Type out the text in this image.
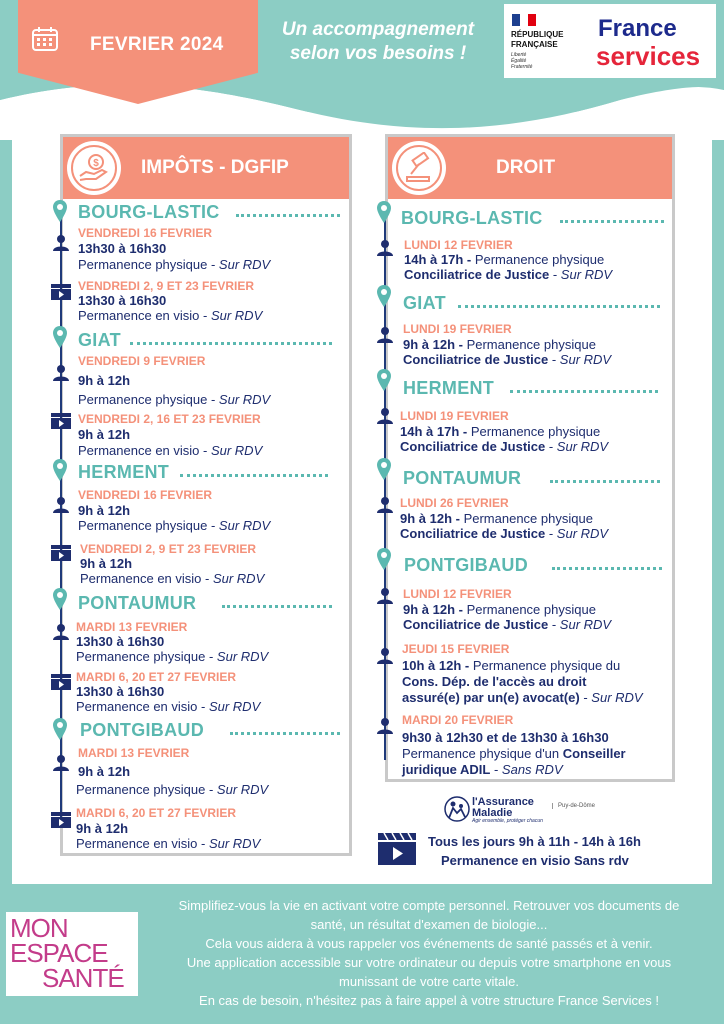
FEVRIER 2024
Un accompagnement
selon vos besoins !
RÉPUBLIQUE
FRANÇAISE
Liberté
Égalité
Fraternité
France
services
$ IMPÔTS - DGFIP	DROIT
BOURG-LASTIC
VENDREDI 16 FEVRIER
13h30 à 16h30
Permanence physique - Sur RDV
VENDREDI 2, 9 ET 23 FEVRIER
13h30 à 16h30
Permanence en visio - Sur RDV
GIAT
VENDREDI 9 FEVRIER
9h à 12h
Permanence physique - Sur RDV
VENDREDI 2, 16 ET 23 FEVRIER
9h à 12h
Permanence en visio - Sur RDV
HERMENT
VENDREDI 16 FEVRIER
9h à 12h
Permanence physique - Sur RDV
VENDREDI 2, 9 ET 23 FEVRIER
9h à 12h
Permanence en visio - Sur RDV
PONTAUMUR
MARDI 13 FEVRIER
13h30 à 16h30
Permanence physique - Sur RDV
MARDI 6, 20 ET 27 FEVRIER
13h30 à 16h30
Permanence en visio - Sur RDV
PONTGIBAUD
MARDI 13 FEVRIER
9h à 12h
Permanence physique - Sur RDV
MARDI 6, 20 ET 27 FEVRIER
9h à 12h
Permanence en visio - Sur RDV
BOURG-LASTIC
LUNDI 12 FEVRIER
14h à 17h - Permanence physique
Conciliatrice de Justice - Sur RDV
GIAT
LUNDI 19 FEVRIER
9h à 12h - Permanence physique
Conciliatrice de Justice - Sur RDV
HERMENT
LUNDI 19 FEVRIER
14h à 17h - Permanence physique
Conciliatrice de Justice - Sur RDV
PONTAUMUR
LUNDI 26 FEVRIER
9h à 12h - Permanence physique
Conciliatrice de Justice - Sur RDV
PONTGIBAUD
LUNDI 12 FEVRIER
9h à 12h - Permanence physique
Conciliatrice de Justice - Sur RDV
JEUDI 15 FEVRIER
10h à 12h - Permanence physique du
Cons. Dép. de l'accès au droit
assuré(e) par un(e) avocat(e) - Sur RDV
MARDI 20 FEVRIER
9h30 à 12h30 et de 13h30 à 16h30
Permanence physique d'un Conseiller
juridique ADIL - Sans RDV
l'Assurance
Maladie
Agir ensemble, protéger chacun
Puy-de-Dôme
Tous les jours 9h à 11h - 14h à 16h
Permanence en visio Sans rdv
MON
ESPACE
SANTÉ
Simplifiez-vous la vie en activant votre compte personnel. Retrouver vos documents de
santé, un résultat d'examen de biologie...
Cela vous aidera à vous rappeler vos événements de santé passés et à venir.
Une application accessible sur votre ordinateur ou depuis votre smartphone en vous
munissant de votre carte vitale.
En cas de besoin, n'hésitez pas à faire appel à votre structure France Services !
